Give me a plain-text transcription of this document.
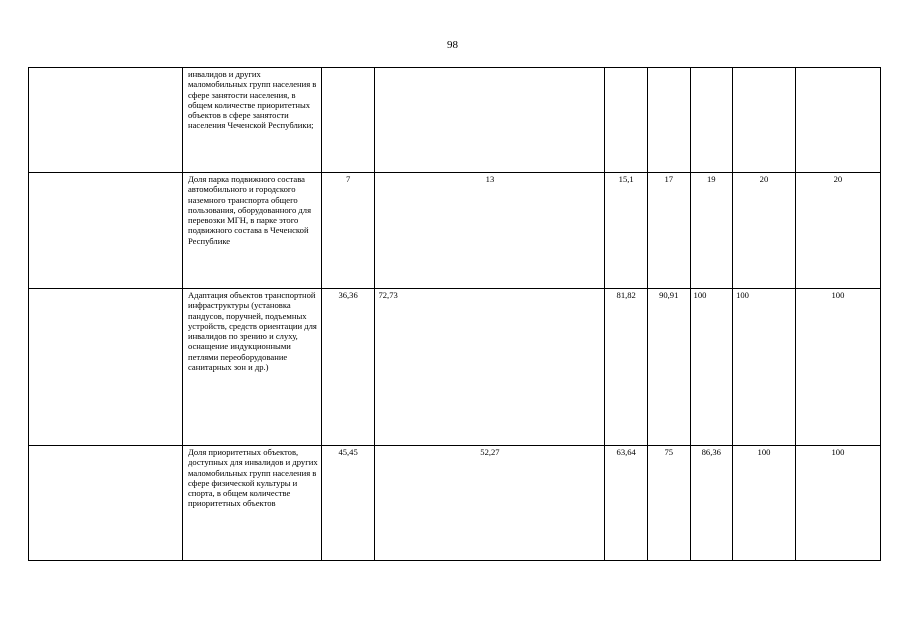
98
	инвалидов и других маломобильных групп населения в сфере занятости населения, в общем количестве приоритетных объектов в сфере занятости населения Чеченской Республики;							
	Доля парка подвижного состава автомобильного и городского наземного транспорта общего пользования, оборудованного для перевозки МГН, в парке этого подвижного состава в Чеченской Республике	7	13	15,1	17	19	20	20
	Адаптация объектов транспортной инфраструктуры (установка пандусов, поручней, подъемных устройств, средств ориентации для инвалидов по зрению и слуху, оснащение индукционными петлями переоборудование санитарных зон и др.)	36,36	72,73	81,82	90,91	100	100	100
	Доля приоритетных объектов, доступных для инвалидов и других маломобильных групп населения в сфере физической культуры и спорта, в общем количестве приоритетных объектов	45,45	52,27	63,64	75	86,36	100	100
